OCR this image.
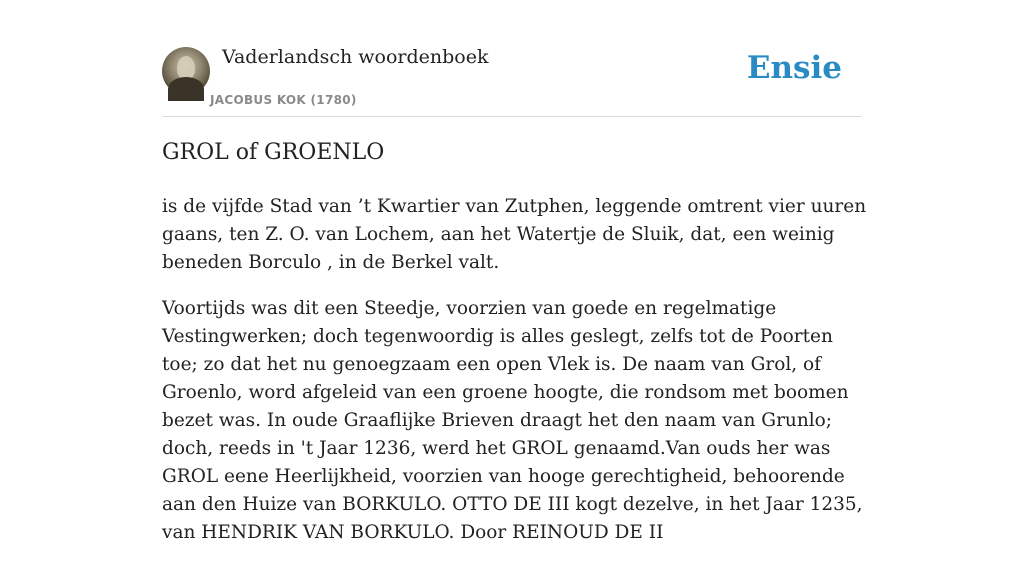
Vaderlandsch woordenboek
JACOBUS KOK (1780)
Ensie
GROL of GROENLO

is de vijfde Stad van ’t Kwartier van Zutphen, leggende omtrent vier uuren gaans, ten Z. O. van Lochem, aan het Watertje de Sluik, dat, een weinig beneden Borculo , in de Berkel valt.

Voortijds was dit een Steedje, voorzien van goede en regelmatige Vestingwerken; doch tegenwoordig is alles geslegt, zelfs tot de Poorten toe; zo dat het nu genoegzaam een open Vlek is. De naam van Grol, of Groenlo, word afgeleid van een groene hoogte, die rondsom met boomen bezet was. In oude Graaflijke Brieven draagt het den naam van Grunlo; doch, reeds in 't Jaar 1236, werd het GROL genaamd.Van ouds her was GROL eene Heerlijkheid, voorzien van hooge gerechtigheid, behoorende aan den Huize van BORKULO. OTTO DE III kogt dezelve, in het Jaar 1235, van HENDRIK VAN BORKULO. Door REINOUD DE II
